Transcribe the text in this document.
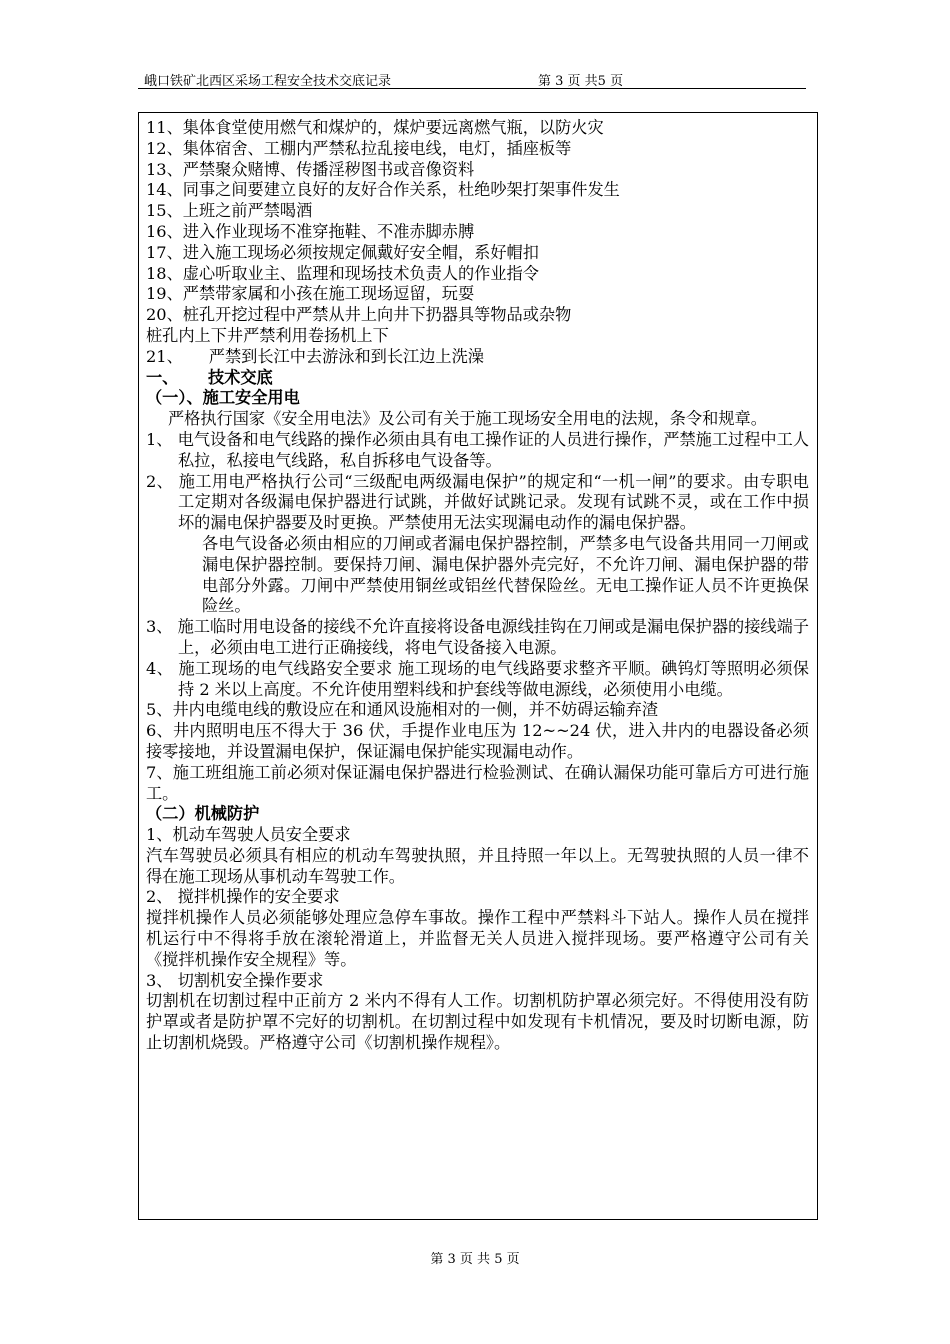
峨口铁矿北西区采场工程安全技术交底记录	第 3 页 共5 页
11、集体食堂使用燃气和煤炉的，煤炉要远离燃气瓶，以防火灾
12、集体宿舍、工棚内严禁私拉乱接电线，电灯，插座板等
13、严禁聚众赌博、传播淫秽图书或音像资料
14、同事之间要建立良好的友好合作关系，杜绝吵架打架事件发生
15、上班之前严禁喝酒
16、进入作业现场不准穿拖鞋、不准赤脚赤膊
17、进入施工现场必须按规定佩戴好安全帽，系好帽扣
18、虚心听取业主、监理和现场技术负责人的作业指令
19、严禁带家属和小孩在施工现场逗留，玩耍
20、桩孔开挖过程中严禁从井上向井下扔器具等物品或杂物
桩孔内上下井严禁利用卷扬机上下
21、 严禁到长江中去游泳和到长江边上洗澡
一、 技术交底
（一）、施工安全用电
严格执行国家《安全用电法》及公司有关于施工现场安全用电的法规，条令和规章。
1、 电气设备和电气线路的操作必须由具有电工操作证的人员进行操作，严禁施工过程中工人私拉，私接电气线路，私自拆移电气设备等。
2、 施工用电严格执行公司“三级配电两级漏电保护”的规定和“一机一闸”的要求。由专职电工定期对各级漏电保护器进行试跳，并做好试跳记录。发现有试跳不灵，或在工作中损坏的漏电保护器要及时更换。严禁使用无法实现漏电动作的漏电保护器。
各电气设备必须由相应的刀闸或者漏电保护器控制，严禁多电气设备共用同一刀闸或漏电保护器控制。要保持刀闸、漏电保护器外壳完好，不允许刀闸、漏电保护器的带电部分外露。刀闸中严禁使用铜丝或铝丝代替保险丝。无电工操作证人员不许更换保险丝。
3、 施工临时用电设备的接线不允许直接将设备电源线挂钩在刀闸或是漏电保护器的接线端子上，必须由电工进行正确接线，将电气设备接入电源。
4、 施工现场的电气线路安全要求 施工现场的电气线路要求整齐平顺。碘钨灯等照明必须保持 2 米以上高度。不允许使用塑料线和护套线等做电源线，必须使用小电缆。
5、井内电缆电线的敷设应在和通风设施相对的一侧，并不妨碍运输弃渣
6、井内照明电压不得大于 36 伏，手提作业电压为 12~~24 伏，进入井内的电器设备必须接零接地，并设置漏电保护，保证漏电保护能实现漏电动作。
7、施工班组施工前必须对保证漏电保护器进行检验测试、在确认漏保功能可靠后方可进行施工。
（二）机械防护
1、机动车驾驶人员安全要求
汽车驾驶员必须具有相应的机动车驾驶执照，并且持照一年以上。无驾驶执照的人员一律不得在施工现场从事机动车驾驶工作。
2、 搅拌机操作的安全要求
搅拌机操作人员必须能够处理应急停车事故。操作工程中严禁料斗下站人。操作人员在搅拌机运行中不得将手放在滚轮滑道上，并监督无关人员进入搅拌现场。要严格遵守公司有关《搅拌机操作安全规程》等。
3、 切割机安全操作要求
切割机在切割过程中正前方 2 米内不得有人工作。切割机防护罩必须完好。不得使用没有防护罩或者是防护罩不完好的切割机。在切割过程中如发现有卡机情况，要及时切断电源，防止切割机烧毁。严格遵守公司《切割机操作规程》。
第 3 页 共 5 页
